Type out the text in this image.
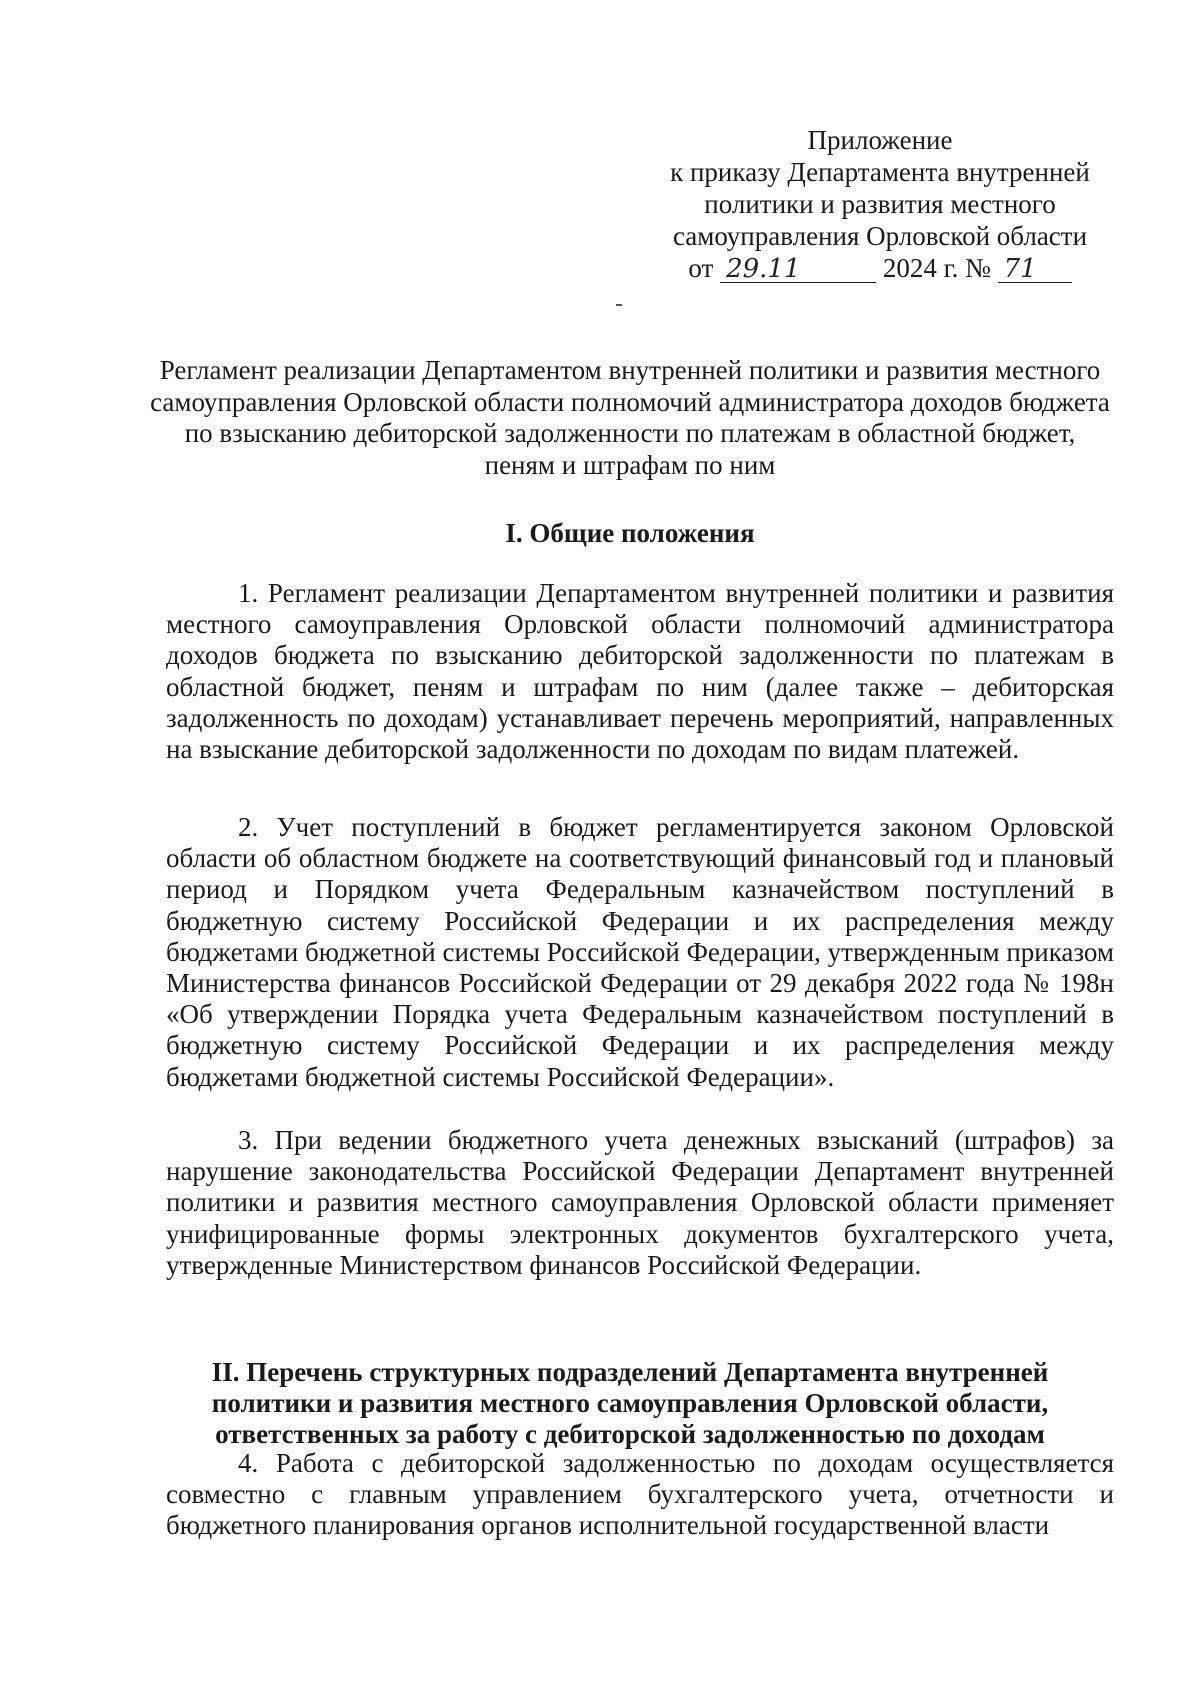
Приложение
к приказу Департамента внутренней
политики и развития местного
самоуправления Орловской области
от 29.11	2024 г. № 71
Регламент реализации Департаментом внутренней политики и развития местного самоуправления Орловской области полномочий администратора доходов бюджета по взысканию дебиторской задолженности по платежам в областной бюджет, пеням и штрафам по ним
I. Общие положения

1. Регламент реализации Департаментом внутренней политики и развития местного самоуправления Орловской области полномочий администратора доходов бюджета по взысканию дебиторской задолженности по платежам в областной бюджет, пеням и штрафам по ним (далее также – дебиторская задолженность по доходам) устанавливает перечень мероприятий, направленных на взыскание дебиторской задолженности по доходам по видам платежей.

2. Учет поступлений в бюджет регламентируется законом Орловской области об областном бюджете на соответствующий финансовый год и плановый период и Порядком учета Федеральным казначейством поступлений в бюджетную систему Российской Федерации и их распределения между бюджетами бюджетной системы Российской Федерации, утвержденным приказом Министерства финансов Российской Федерации от 29 декабря 2022 года № 198н «Об утверждении Порядка учета Федеральным казначейством поступлений в бюджетную систему Российской Федерации и их распределения между бюджетами бюджетной системы Российской Федерации».

3. При ведении бюджетного учета денежных взысканий (штрафов) за нарушение законодательства Российской Федерации Департамент внутренней политики и развития местного самоуправления Орловской области применяет унифицированные формы электронных документов бухгалтерского учета, утвержденные Министерством финансов Российской Федерации.

II. Перечень структурных подразделений Департамента внутренней
политики и развития местного самоуправления Орловской области,
ответственных за работу с дебиторской задолженностью по доходам

4. Работа с дебиторской задолженностью по доходам осуществляется совместно с главным управлением бухгалтерского учета, отчетности и бюджетного планирования органов исполнительной государственной власти
